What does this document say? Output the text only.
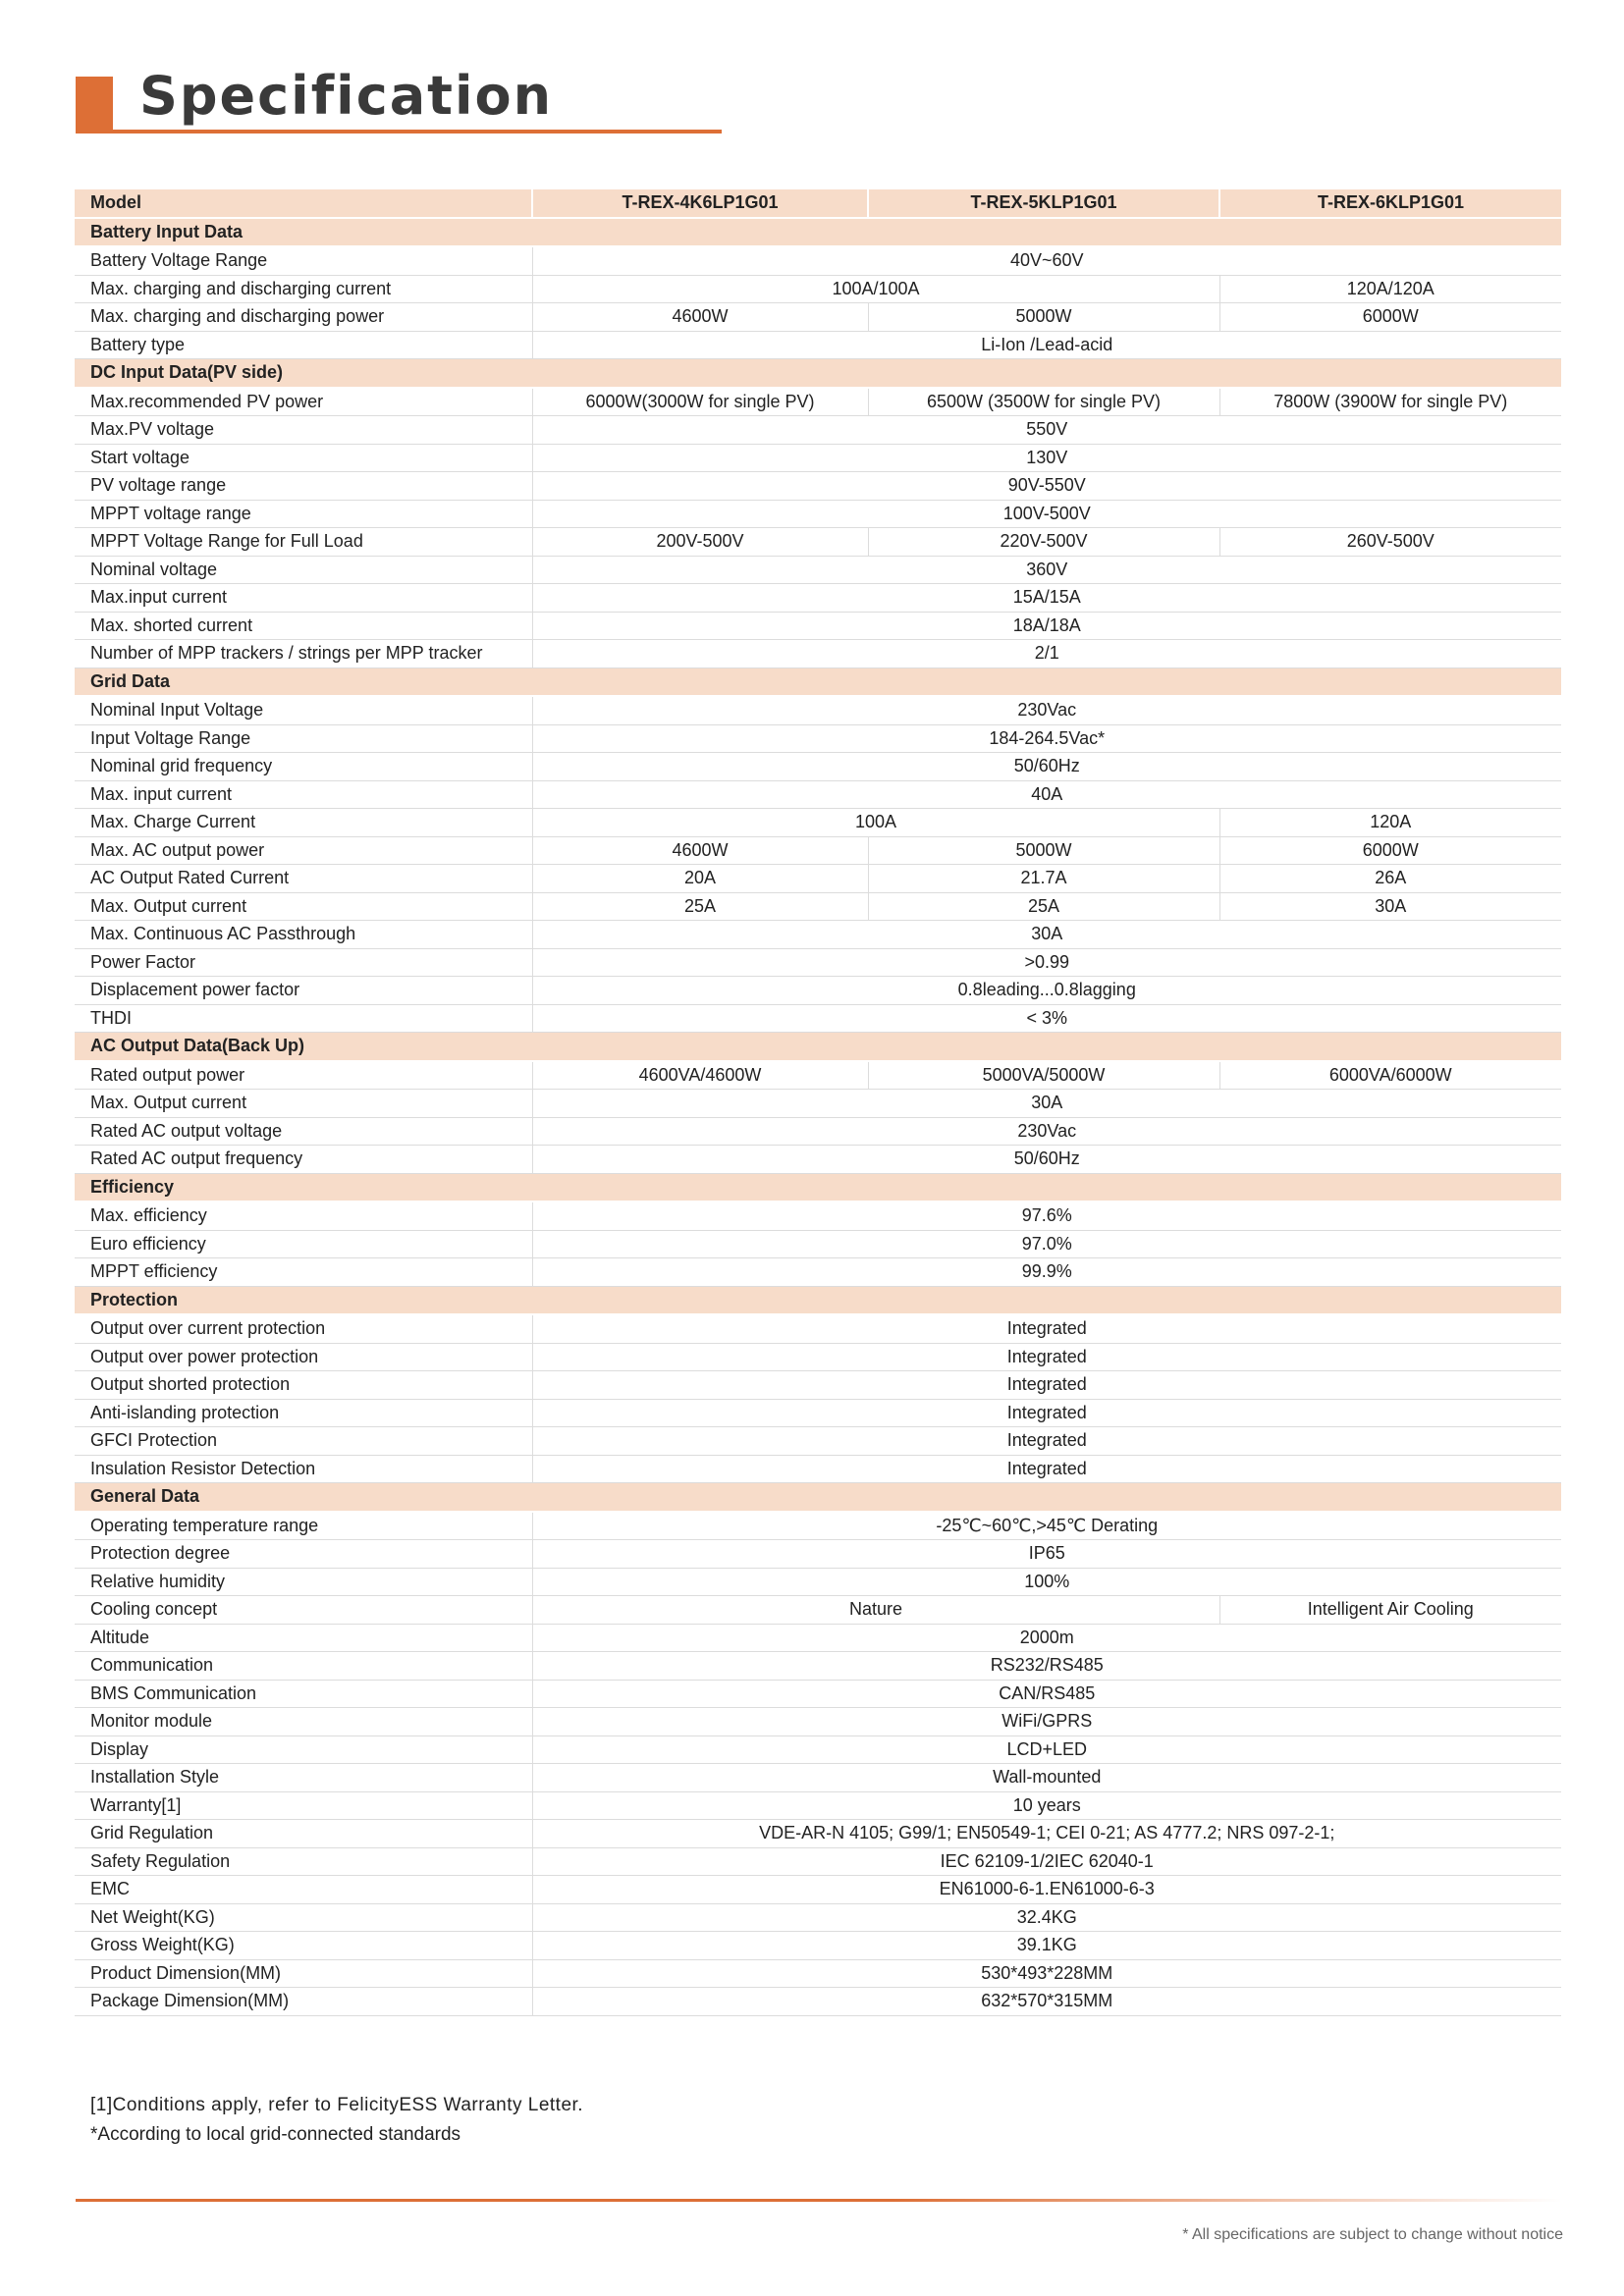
Specification
Model	T-REX-4K6LP1G01	T-REX-5KLP1G01	T-REX-6KLP1G01
Battery Input Data			
Battery Voltage Range	40V~60V		
Max. charging and discharging current	100A/100A		120A/120A
Max. charging and discharging power	4600W	5000W	6000W
Battery type	Li-Ion /Lead-acid		
DC Input Data(PV side)			
Max.recommended PV power	6000W(3000W for single PV)	6500W (3500W for single PV)	7800W (3900W for single PV)
Max.PV voltage	550V		
Start voltage	130V		
PV voltage range	90V-550V		
MPPT voltage range	100V-500V		
MPPT Voltage Range for Full Load	200V-500V	220V-500V	260V-500V
Nominal voltage	360V		
Max.input current	15A/15A		
Max. shorted current	18A/18A		
Number of MPP trackers / strings per MPP tracker	2/1		
Grid Data			
Nominal Input Voltage	230Vac		
Input Voltage Range	184-264.5Vac*		
Nominal grid frequency	50/60Hz		
Max. input current	40A		
Max. Charge Current	100A		120A
Max. AC output power	4600W	5000W	6000W
AC Output Rated Current	20A	21.7A	26A
Max. Output current	25A	25A	30A
Max. Continuous AC Passthrough	30A		
Power Factor	>0.99		
Displacement power factor	0.8leading...0.8lagging		
THDI	< 3%		
AC Output Data(Back Up)			
Rated output power	4600VA/4600W	5000VA/5000W	6000VA/6000W
Max. Output current	30A		
Rated AC output voltage	230Vac		
Rated AC output frequency	50/60Hz		
Efficiency			
Max. efficiency	97.6%		
Euro efficiency	97.0%		
MPPT efficiency	99.9%		
Protection			
Output over current protection	Integrated		
Output over power protection	Integrated		
Output shorted protection	Integrated		
Anti-islanding protection	Integrated		
GFCI Protection	Integrated		
Insulation Resistor Detection	Integrated		
General Data			
Operating temperature range	-25℃~60℃,>45℃ Derating		
Protection degree	IP65		
Relative humidity	100%		
Cooling concept	Nature		Intelligent Air Cooling
Altitude	2000m		
Communication	RS232/RS485		
BMS Communication	CAN/RS485		
Monitor module	WiFi/GPRS		
Display	LCD+LED		
Installation Style	Wall-mounted		
Warranty[1]	10 years		
Grid Regulation	VDE-AR-N 4105; G99/1; EN50549-1; CEI 0-21; AS 4777.2; NRS 097-2-1;		
Safety Regulation	IEC 62109-1/2IEC 62040-1		
EMC	EN61000-6-1.EN61000-6-3		
Net Weight(KG)	32.4KG		
Gross Weight(KG)	39.1KG		
Product Dimension(MM)	530*493*228MM		
Package Dimension(MM)	632*570*315MM		
[1]Conditions apply, refer to FelicityESS Warranty Letter.
*According to local grid-connected standards
* All specifications are subject to change without notice
